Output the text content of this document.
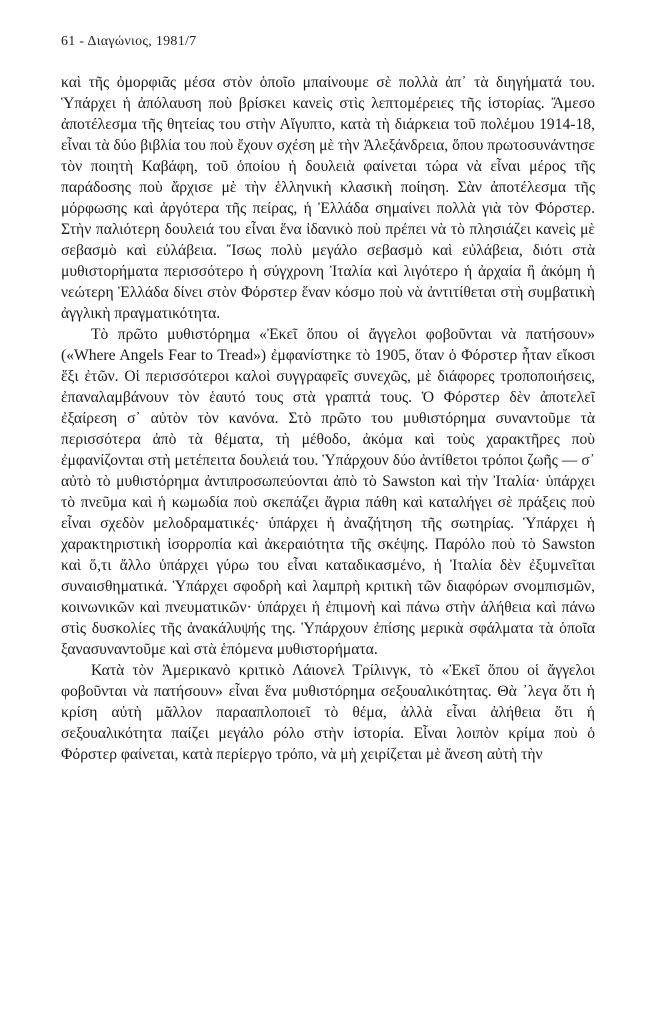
61 - Διαγώνιος, 1981/7

καὶ τῆς ὀμορφιᾶς μέσα στὸν ὁποῖο μπαίνουμε σὲ πολλὰ ἀπ᾿ τὰ διηγήματά του. Ὑπάρχει ἡ ἀπόλαυση ποὺ βρίσκει κανεὶς στὶς λεπτομέρειες τῆς ἱστορίας. Ἄμεσο ἀποτέλεσμα τῆς θητείας του στὴν Αἴγυπτο, κατὰ τὴ διάρκεια τοῦ πολέμου 1914-18, εἶναι τὰ δύο βιβλία του ποὺ ἔχουν σχέση μὲ τὴν Ἀλεξάνδρεια, ὅπου πρωτοσυνάντησε τὸν ποιητὴ Καβάφη, τοῦ ὁποίου ἡ δουλειὰ φαίνεται τώρα νὰ εἶναι μέρος τῆς παράδοσης ποὺ ἄρχισε μὲ τὴν ἑλληνικὴ κλασικὴ ποίηση. Σὰν ἀποτέλεσμα τῆς μόρφωσης καὶ ἀργότερα τῆς πείρας, ἡ Ἑλλάδα σημαίνει πολλὰ γιὰ τὸν Φόρστερ. Στὴν παλιότερη δουλειά του εἶναι ἕνα ἰδανικὸ ποὺ πρέπει νὰ τὸ πλησιάζει κανεὶς μὲ σεβασμὸ καὶ εὐλάβεια. Ἴσως πολὺ μεγάλο σεβασμὸ καὶ εὐλάβεια, διότι στὰ μυθιστορήματα περισσότερο ἡ σύγχρονη Ἰταλία καὶ λιγότερο ἡ ἀρχαία ἢ ἀκόμη ἡ νεώτερη Ἑλλάδα δίνει στὸν Φόρστερ ἕναν κόσμο ποὺ νὰ ἀντιτίθεται στὴ συμβατικὴ ἀγγλικὴ πραγματικότητα.

Τὸ πρῶτο μυθιστόρημα «Ἐκεῖ ὅπου οἱ ἄγγελοι φοβοῦνται νὰ πατήσουν» («Where Angels Fear to Tread») ἐμφανίστηκε τὸ 1905, ὅταν ὁ Φόρστερ ἦταν εἴκοσι ἕξι ἐτῶν. Οἱ περισσότεροι καλοὶ συγγραφεῖς συνεχῶς, μὲ διάφορες τροποποιήσεις, ἐπαναλαμβάνουν τὸν ἑαυτό τους στὰ γραπτά τους. Ὁ Φόρστερ δὲν ἀποτελεῖ ἐξαίρεση σ᾿ αὐτὸν τὸν κανόνα. Στὸ πρῶτο του μυθιστόρημα συναντοῦμε τὰ περισσότερα ἀπὸ τὰ θέματα, τὴ μέθοδο, ἀκόμα καὶ τοὺς χαρακτῆρες ποὺ ἐμφανίζονται στὴ μετέπειτα δουλειά του. Ὑπάρχουν δύο ἀντίθετοι τρόποι ζωῆς — σ᾿ αὐτὸ τὸ μυθιστόρημα ἀντιπροσωπεύονται ἀπὸ τὸ Sawston καὶ τὴν Ἰταλία· ὑπάρχει τὸ πνεῦμα καὶ ἡ κωμωδία ποὺ σκεπάζει ἄγρια πάθη καὶ καταλήγει σὲ πράξεις ποὺ εἶναι σχεδὸν μελοδραματικές· ὑπάρχει ἡ ἀναζήτηση τῆς σωτηρίας. Ὑπάρχει ἡ χαρακτηριστικὴ ἰσορροπία καὶ ἀκεραιότητα τῆς σκέψης. Παρόλο ποὺ τὸ Sawston καὶ ὅ,τι ἄλλο ὑπάρχει γύρω του εἶναι καταδικασμένο, ἡ Ἰταλία δὲν ἐξυμνεῖται συναισθηματικά. Ὑπάρχει σφοδρὴ καὶ λαμπρὴ κριτικὴ τῶν διαφόρων σνομπισμῶν, κοινωνικῶν καὶ πνευματικῶν· ὑπάρχει ἡ ἐπιμονὴ καὶ πάνω στὴν ἀλήθεια καὶ πάνω στὶς δυσκολίες τῆς ἀνακάλυψής της. Ὑπάρχουν ἐπίσης μερικὰ σφάλματα τὰ ὁποῖα ξανασυναντοῦμε καὶ στὰ ἑπόμενα μυθιστορήματα.

Κατὰ τὸν Ἀμερικανὸ κριτικὸ Λάιονελ Τρίλινγκ, τὸ «Ἐκεῖ ὅπου οἱ ἄγγελοι φοβοῦνται νὰ πατήσουν» εἶναι ἕνα μυθιστόρημα σεξουαλικότητας. Θὰ ᾿λεγα ὅτι ἡ κρίση αὐτὴ μᾶλλον παρααπλοποιεῖ τὸ θέμα, ἀλλὰ εἶναι ἀλήθεια ὅτι ἡ σεξουαλικότητα παίζει μεγάλο ρόλο στὴν ἱστορία. Εἶναι λοιπὸν κρίμα ποὺ ὁ Φόρστερ φαίνεται, κατὰ περίεργο τρόπο, νὰ μὴ χειρίζεται μὲ ἄνεση αὐτὴ τὴν
